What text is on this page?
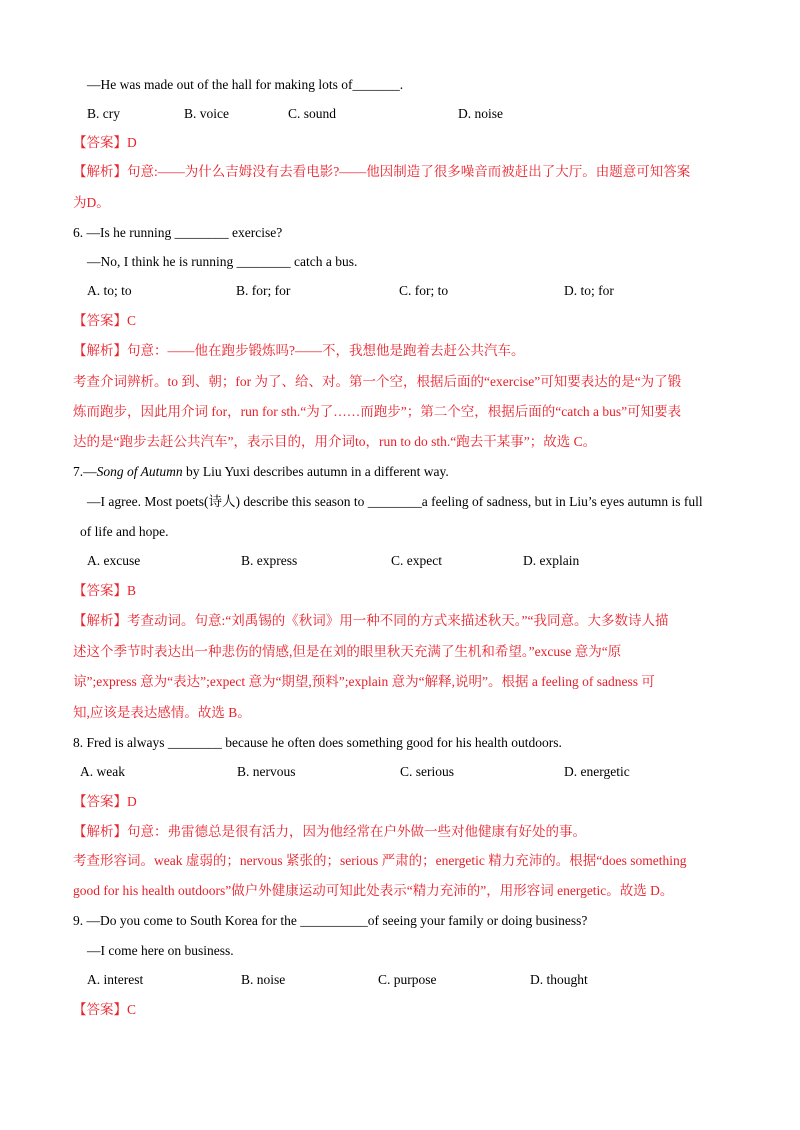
—He was made out of the hall for making lots of_______.
B. cry	B. voice	C. sound	D. noise
【答案】D
【解析】句意:——为什么吉姆没有去看电影?——他因制造了很多噪音而被赶出了大厅。由题意可知答案
为D。
6. —Is he running ________ exercise?
—No, I think he is running ________ catch a bus.
A. to; to	B. for; for	C. for; to	D. to; for
【答案】C
【解析】句意：——他在跑步锻炼吗?——不，我想他是跑着去赶公共汽车。
考查介词辨析。to 到、朝；for 为了、给、对。第一个空，根据后面的“exercise”可知要表达的是“为了锻
炼而跑步，因此用介词 for，run for sth.“为了……而跑步”；第二个空，根据后面的“catch a bus”可知要表
达的是“跑步去赶公共汽车”，表示目的，用介词to，run to do sth.“跑去干某事”；故选 C。
7.—Song of Autumn by Liu Yuxi describes autumn in a different way.
—I agree. Most poets(诗人) describe this season to ________a feeling of sadness, but in Liu’s eyes autumn is full
of life and hope.
A. excuse	B. express	C. expect	D. explain
【答案】B
【解析】考查动词。句意:“刘禹锡的《秋词》用一种不同的方式来描述秋天。”“我同意。大多数诗人描
述这个季节时表达出一种悲伤的情感,但是在刘的眼里秋天充满了生机和希望。”excuse 意为“原
谅”;express 意为“表达”;expect 意为“期望,预料”;explain 意为“解释,说明”。根据 a feeling of sadness 可
知,应该是表达感情。故选 B。
8. Fred is always ________ because he often does something good for his health outdoors.
A. weak	B. nervous	C. serious	D. energetic
【答案】D
【解析】句意：弗雷德总是很有活力，因为他经常在户外做一些对他健康有好处的事。
考查形容词。weak 虚弱的；nervous 紧张的；serious 严肃的；energetic 精力充沛的。根据“does something
good for his health outdoors”做户外健康运动可知此处表示“精力充沛的”，用形容词 energetic。故选 D。
9. —Do you come to South Korea for the __________of seeing your family or doing business?
—I come here on business.
A. interest	B. noise	C. purpose	D. thought
【答案】C
